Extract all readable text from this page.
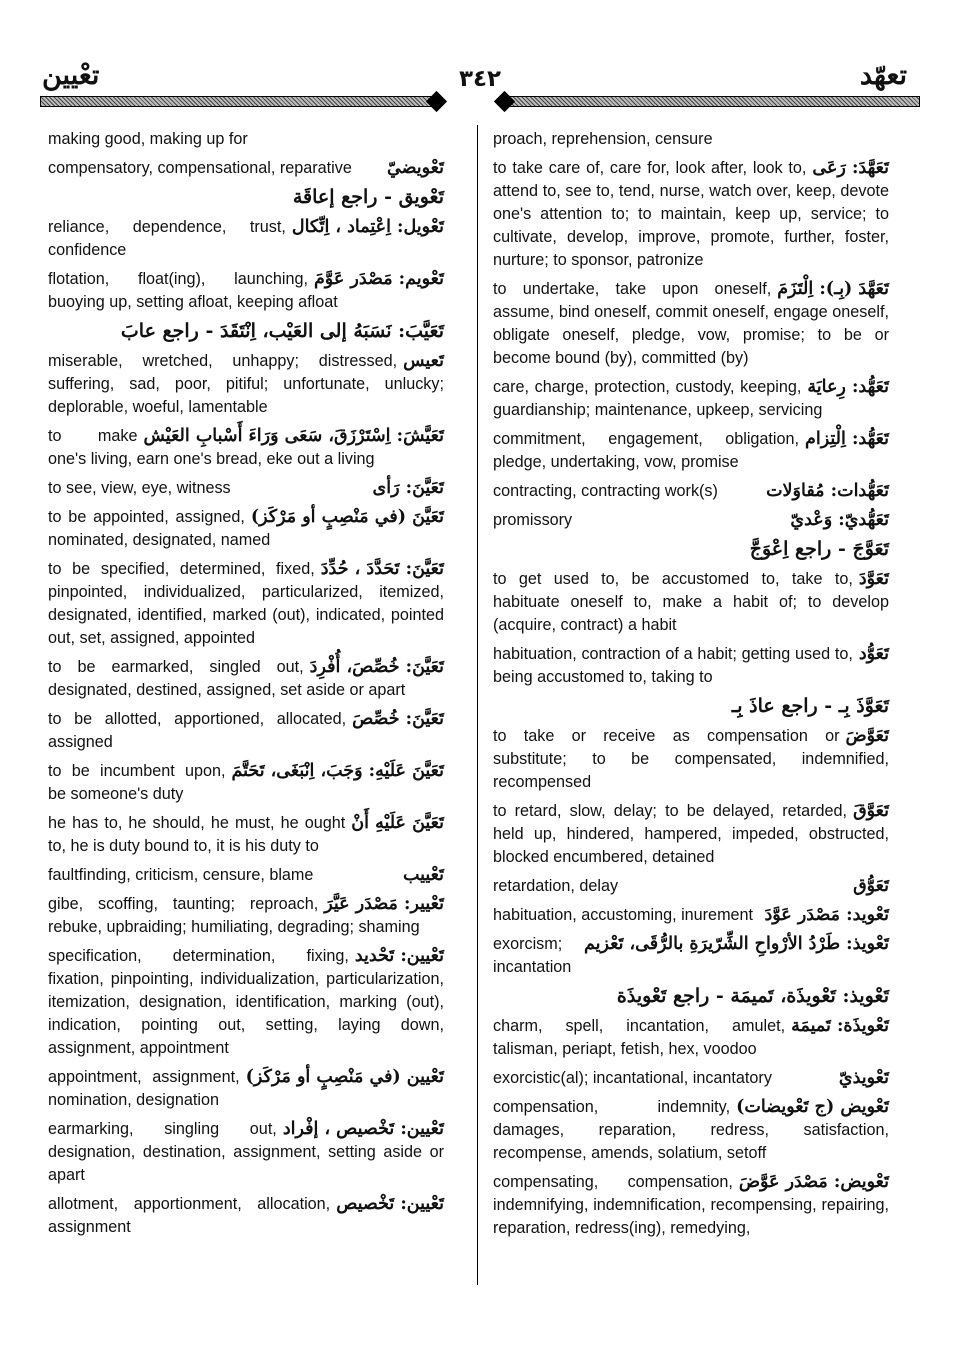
تعْيين	٣٤٢	تعهّد
making good, making up for
تَعْويضيّ
compensatory, compensational, reparative
تَعْويق - راجع إعاقَة
تَعْويل: اِعْتِماد ، اِتِّكال
reliance, dependence, trust, confidence
تَعْويم: مَصْدَر عَوَّمَ
flotation, float(ing), launching, buoying up, setting afloat, keeping afloat
تَعَيَّبَ: نَسَبَهُ إلى العَيْب، اِنْتَقَدَ - راجع عابَ
تَعيس
miserable, wretched, unhappy; distressed, suffering, sad, poor, pitiful; unfortunate, unlucky; deplorable, woeful, lamentable
تَعَيَّشَ: اِسْتَرْزَقَ، سَعَى وَرَاءَ أَسْبابِ العَيْش
to make one's living, earn one's bread, eke out a living
تَعَيَّنَ: رَأى
to see, view, eye, witness
تَعَيَّنَ (في مَنْصِبٍ أو مَرْكَز)
to be appointed, assigned, nominated, designated, named
تَعَيَّنَ: تَحَدَّدَ ، حُدِّدَ
to be specified, determined, fixed, pinpointed, individualized, particularized, itemized, designated, identified, marked (out), indicated, pointed out, set, assigned, appointed
تَعَيَّنَ: خُصِّصَ، أُفْرِدَ
to be earmarked, singled out, designated, destined, assigned, set aside or apart
تَعَيَّنَ: خُصِّصَ
to be allotted, apportioned, allocated, assigned
تَعَيَّنَ عَلَيْهِ: وَجَبَ، اِنْبَغَى، تَحَتَّمَ
to be incumbent upon, be someone's duty
تَعَيَّنَ عَلَيْهِ أَنْ
he has to, he should, he must, he ought to, he is duty bound to, it is his duty to
تَعْييب
faultfinding, criticism, censure, blame
تَعْيير: مَصْدَر عَيَّرَ
gibe, scoffing, taunting; reproach, rebuke, upbraiding; humiliating, degrading; shaming
تَعْيين: تَحْديد
specification, determination, fixing, fixation, pinpointing, individualization, particularization, itemization, designation, identification, marking (out), indication, pointing out, setting, laying down, assignment, appointment
تَعْيين (في مَنْصِبٍ أو مَرْكَز)
appointment, assignment, nomination, designation
تَعْيين: تَخْصيص ، إفْراد
earmarking, singling out, designation, destination, assignment, setting aside or apart
تَعْيين: تَخْصيص
allotment, apportionment, allocation, assignment
proach, reprehension, censure
تَعَهَّدَ: رَعَى
to take care of, care for, look after, look to, attend to, see to, tend, nurse, watch over, keep, devote one's attention to; to maintain, keep up, service; to cultivate, develop, improve, promote, further, foster, nurture; to sponsor, patronize
تَعَهَّدَ (بِـ): اِلْتَزَمَ
to undertake, take upon oneself, assume, bind oneself, commit oneself, engage oneself, obligate oneself, pledge, vow, promise; to be or become bound (by), committed (by)
تَعَهُّد: رِعايَة
care, charge, protection, custody, keeping, guardianship; maintenance, upkeep, servicing
تَعَهُّد: اِلْتِزام
commitment, engagement, obligation, pledge, undertaking, vow, promise
تَعَهُّدات: مُقاوَلات
contracting, contracting work(s)
تَعَهُّديّ: وَعْديّ
promissory
تَعَوَّجَ - راجع اِعْوَجَّ
تَعَوَّدَ
to get used to, be accustomed to, take to, habituate oneself to, make a habit of; to develop (acquire, contract) a habit
تَعَوُّد
habituation, contraction of a habit; getting used to, being accustomed to, taking to
تَعَوَّذَ بِـ - راجع عاذَ بِـ
تَعَوَّضَ
to take or receive as compensation or substitute; to be compensated, indemnified, recompensed
تَعَوَّقَ
to retard, slow, delay; to be delayed, retarded, held up, hindered, hampered, impeded, obstructed, blocked encumbered, detained
تَعَوُّق
retardation, delay
تَعْويد: مَصْدَر عَوَّدَ
habituation, accustoming, inurement
تَعْويذ: طَرْدُ الأرْواحِ الشِّرّيرَةِ بالرُّقَى، تَعْزيم
exorcism; incantation
تَعْويذ: تَعْويذَة، تَميمَة - راجع تَعْويذَة
تَعْويذَة: تَميمَة
charm, spell, incantation, amulet, talisman, periapt, fetish, hex, voodoo
تَعْويذيّ
exorcistic(al); incantational, incantatory
تَعْويض (ج تَعْويضات)
compensation, indemnity, damages, reparation, redress, satisfaction, recompense, amends, solatium, setoff
تَعْويض: مَصْدَر عَوَّضَ
compensating, compensation, indemnifying, indemnification, recompensing, repairing, reparation, redress(ing), remedying,
